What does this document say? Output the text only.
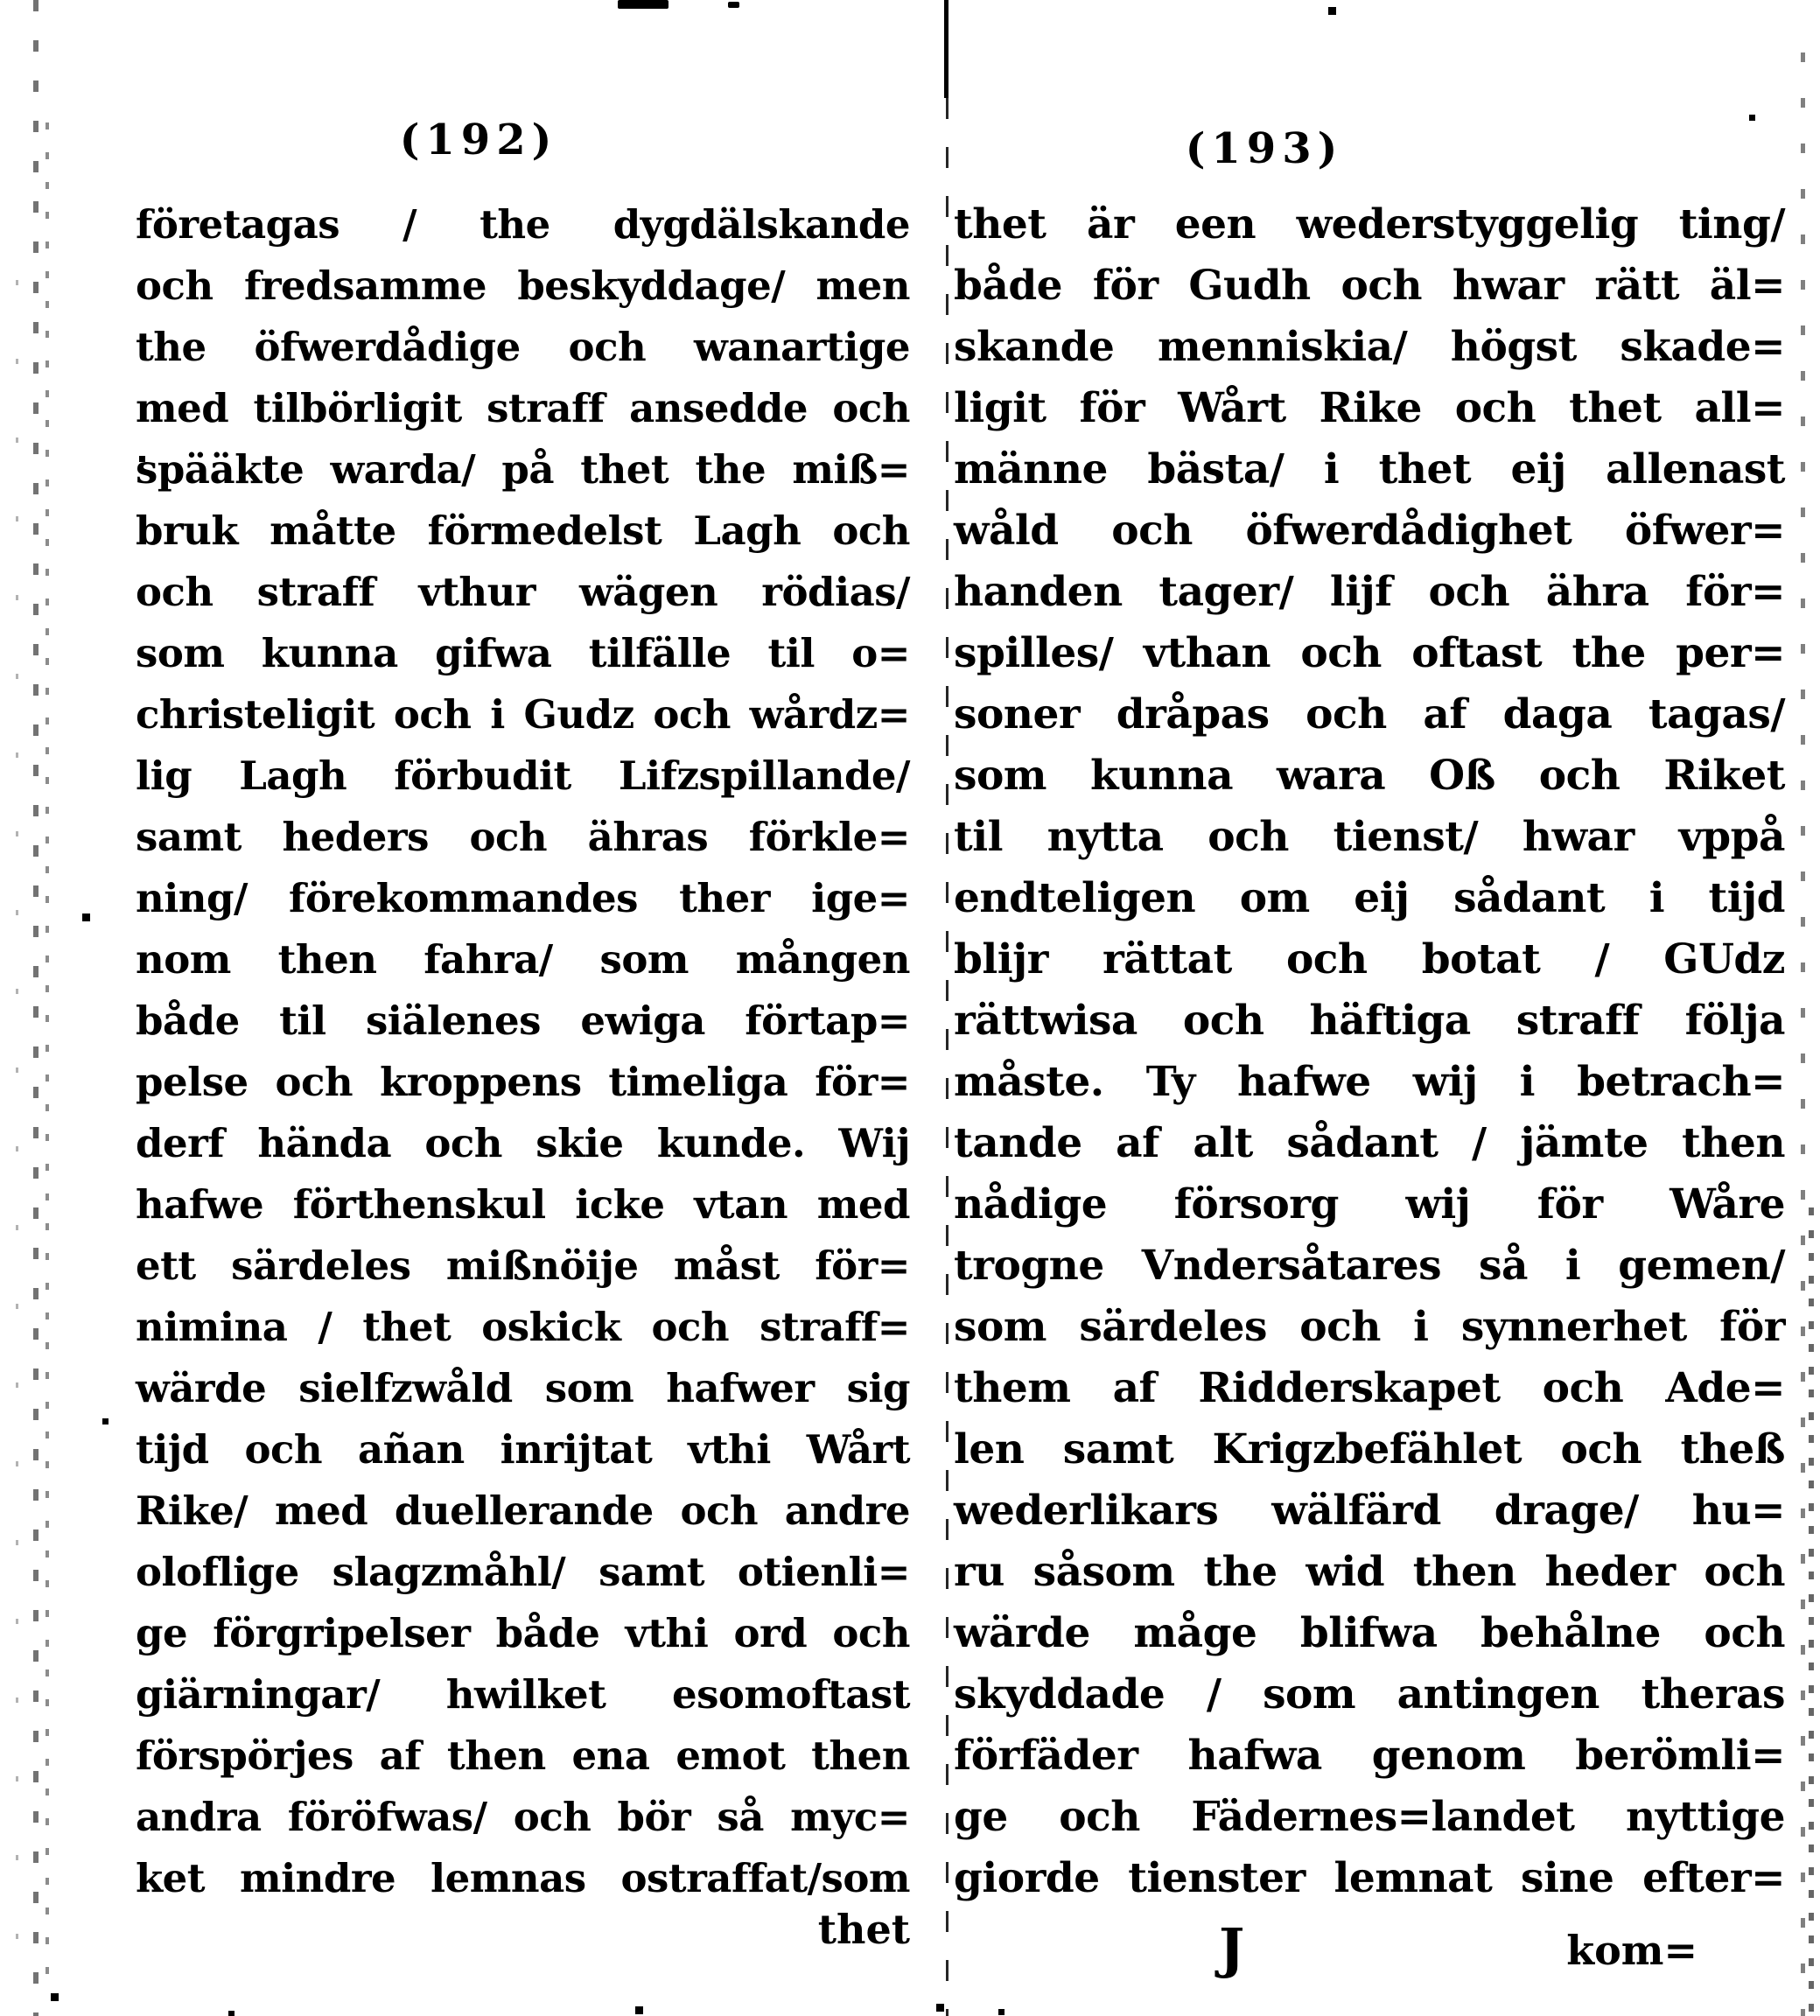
(192)	(193)
företagas / the dygdälskande
och fredsamme beskyddage/ men
the öfwerdådige och wanartige
med tilbörligit straff ansedde och
spääkte warda/ på thet the miß=
bruk måtte förmedelst Lagh och
och straff vthur wägen rödias/
som kunna gifwa tilfälle til o=
christeligit och i Gudz och wårdz=
lig Lagh förbudit Lifzspillande/
samt heders och ähras förkle=
ning/ förekommandes ther ige=
nom then fahra/ som mången
både til siälenes ewiga förtap=
pelse och kroppens timeliga för=
derf hända och skie kunde. Wij
hafwe förthenskul icke vtan med
ett särdeles mißnöije måst för=
nimina / thet oskick och straff=
wärde sielfzwåld som hafwer sig
tijd och añan inrijtat vthi Wårt
Rike/ med duellerande och andre
oloflige slagzmåhl/ samt otienli=
ge förgripelser både vthi ord och
giärningar/ hwilket esomoftast
förspörjes af then ena emot then
andra föröfwas/ och bör så myc=
ket mindre lemnas ostraffat/som
thet
thet är een wederstyggelig ting/
både för Gudh och hwar rätt äl=
skande menniskia/ högst skade=
ligit för Wårt Rike och thet all=
männe bästa/ i thet eij allenast
wåld och öfwerdådighet öfwer=
handen tager/ lijf och ähra för=
spilles/ vthan och oftast the per=
soner dråpas och af daga tagas/
som kunna wara Oß och Riket
til nytta och tienst/ hwar vppå
endteligen om eij sådant i tijd
blijr rättat och botat / GUdz
rättwisa och häftiga straff följa
måste. Ty hafwe wij i betrach=
tande af alt sådant / jämte then
nådige försorg wij för Wåre
trogne Vndersåtares så i gemen/
som särdeles och i synnerhet för
them af Ridderskapet och Ade=
len samt Krigzbefählet och theß
wederlikars wälfärd drage/ hu=
ru såsom the wid then heder och
wärde måge blifwa behålne och
skyddade / som antingen theras
förfäder hafwa genom berömli=
ge och Fädernes=landet nyttige
giorde tienster lemnat sine efter=
J	kom=
